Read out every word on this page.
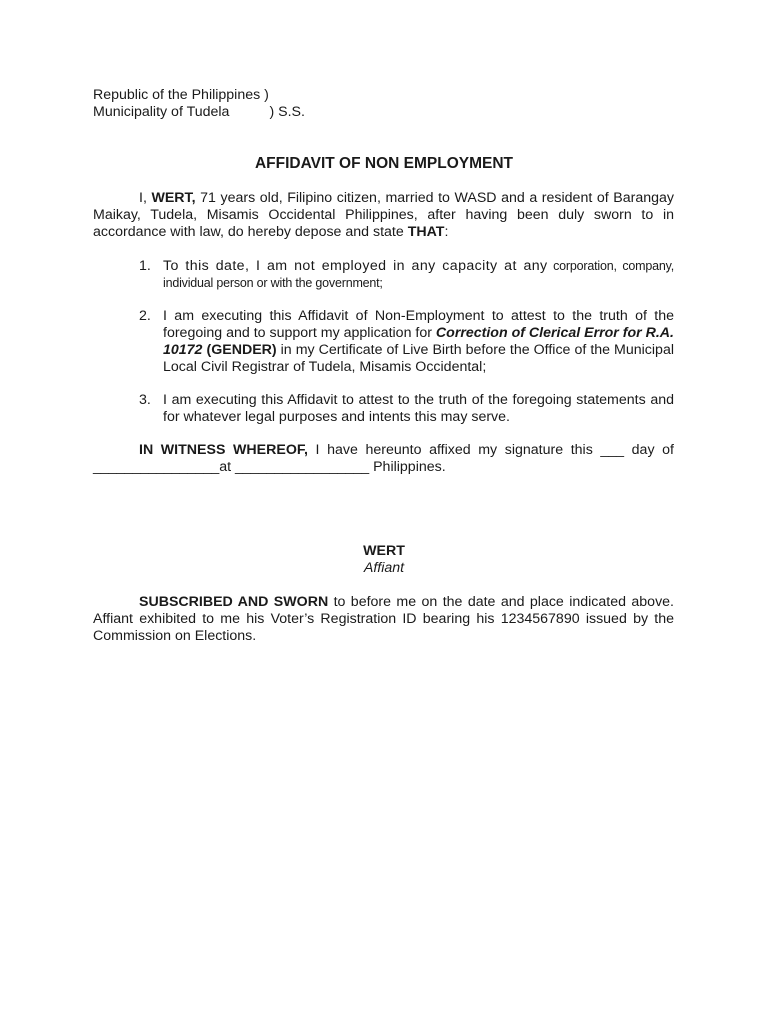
Republic of the Philippines )
Municipality of Tudela	) S.S.
AFFIDAVIT OF NON EMPLOYMENT
I, WERT, 71 years old, Filipino citizen, married to WASD and a resident of Barangay Maikay, Tudela, Misamis Occidental Philippines, after having been duly sworn to in accordance with law, do hereby depose and state THAT:
1. To this date, I am not employed in any capacity at any corporation, company, individual person or with the government;
2. I am executing this Affidavit of Non-Employment to attest to the truth of the foregoing and to support my application for Correction of Clerical Error for R.A. 10172 (GENDER) in my Certificate of Live Birth before the Office of the Municipal Local Civil Registrar of Tudela, Misamis Occidental;
3. I am executing this Affidavit to attest to the truth of the foregoing statements and for whatever legal purposes and intents this may serve.
IN WITNESS WHEREOF, I have hereunto affixed my signature this ___ day of ________________at _________________ Philippines.
WERT
Affiant
SUBSCRIBED AND SWORN to before me on the date and place indicated above. Affiant exhibited to me his Voter’s Registration ID bearing his 1234567890 issued by the Commission on Elections.
